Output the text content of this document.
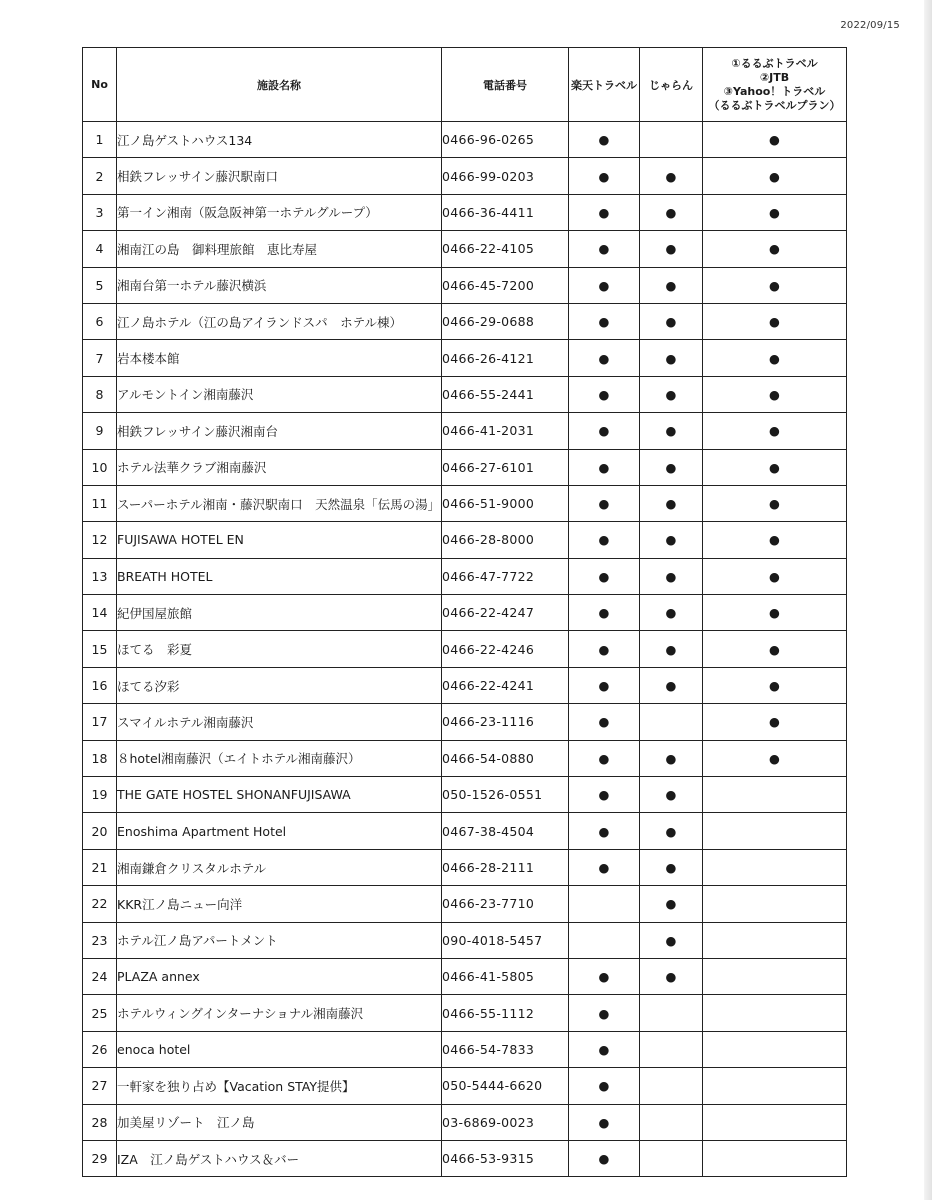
2022/09/15
No	施設名称	電話番号	楽天トラベル	じゃらん	①るるぶトラベル
②JTB
③Yahoo！トラベル
（るるぶトラベルプラン）

1	江ノ島ゲストハウス134	0466-96-0265	●		●
2	相鉄フレッサイン藤沢駅南口	0466-99-0203	●	●	●
3	第一イン湘南（阪急阪神第一ホテルグループ）	0466-36-4411	●	●	●
4	湘南江の島　御料理旅館　恵比寿屋	0466-22-4105	●	●	●
5	湘南台第一ホテル藤沢横浜	0466-45-7200	●	●	●
6	江ノ島ホテル（江の島アイランドスパ　ホテル棟）	0466-29-0688	●	●	●
7	岩本楼本館	0466-26-4121	●	●	●
8	アルモントイン湘南藤沢	0466-55-2441	●	●	●
9	相鉄フレッサイン藤沢湘南台	0466-41-2031	●	●	●
10	ホテル法華クラブ湘南藤沢	0466-27-6101	●	●	●
11	スーパーホテル湘南・藤沢駅南口　天然温泉「伝馬の湯」	0466-51-9000	●	●	●
12	FUJISAWA HOTEL EN	0466-28-8000	●	●	●
13	BREATH HOTEL	0466-47-7722	●	●	●
14	紀伊国屋旅館	0466-22-4247	●	●	●
15	ほてる　彩夏	0466-22-4246	●	●	●
16	ほてる汐彩	0466-22-4241	●	●	●
17	スマイルホテル湘南藤沢	0466-23-1116	●		●
18	８hotel湘南藤沢（エイトホテル湘南藤沢）	0466-54-0880	●	●	●
19	THE GATE HOSTEL SHONANFUJISAWA	050-1526-0551	●	●	
20	Enoshima Apartment Hotel	0467-38-4504	●	●	
21	湘南鎌倉クリスタルホテル	0466-28-2111	●	●	
22	KKR江ノ島ニュー向洋	0466-23-7710		●	
23	ホテル江ノ島アパートメント	090-4018-5457		●	
24	PLAZA annex	0466-41-5805	●	●	
25	ホテルウィングインターナショナル湘南藤沢	0466-55-1112	●		
26	enoca hotel	0466-54-7833	●		
27	一軒家を独り占め【Vacation STAY提供】	050-5444-6620	●		
28	加美屋リゾート　江ノ島	03-6869-0023	●		
29	IZA　江ノ島ゲストハウス＆バー	0466-53-9315	●		
